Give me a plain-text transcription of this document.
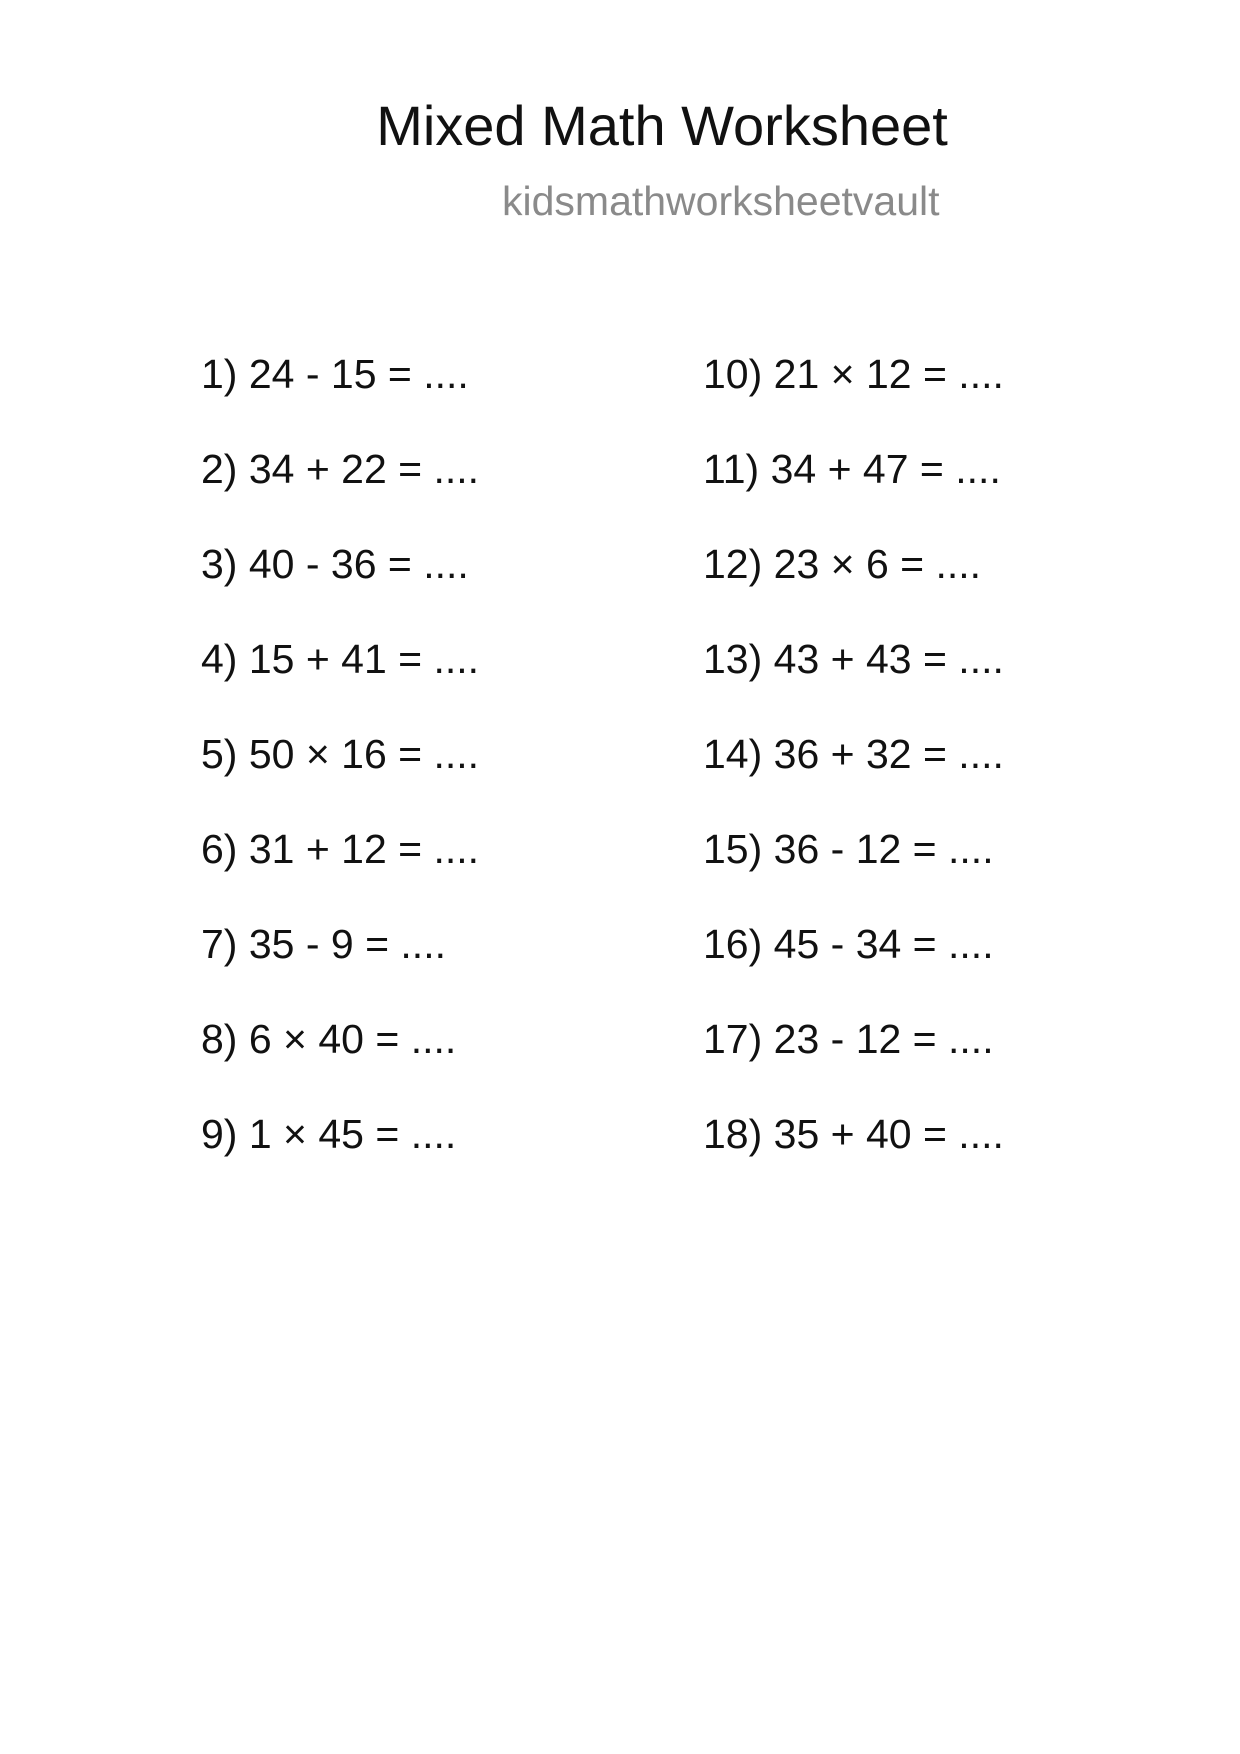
Mixed Math Worksheet
kidsmathworksheetvault
1) 24 - 15 = ....
2) 34 + 22 = ....
3) 40 - 36 = ....
4) 15 + 41 = ....
5) 50 × 16 = ....
6) 31 + 12 = ....
7) 35 - 9 = ....
8) 6 × 40 = ....
9) 1 × 45 = ....
10) 21 × 12 = ....
11) 34 + 47 = ....
12) 23 × 6 = ....
13) 43 + 43 = ....
14) 36 + 32 = ....
15) 36 - 12 = ....
16) 45 - 34 = ....
17) 23 - 12 = ....
18) 35 + 40 = ....
